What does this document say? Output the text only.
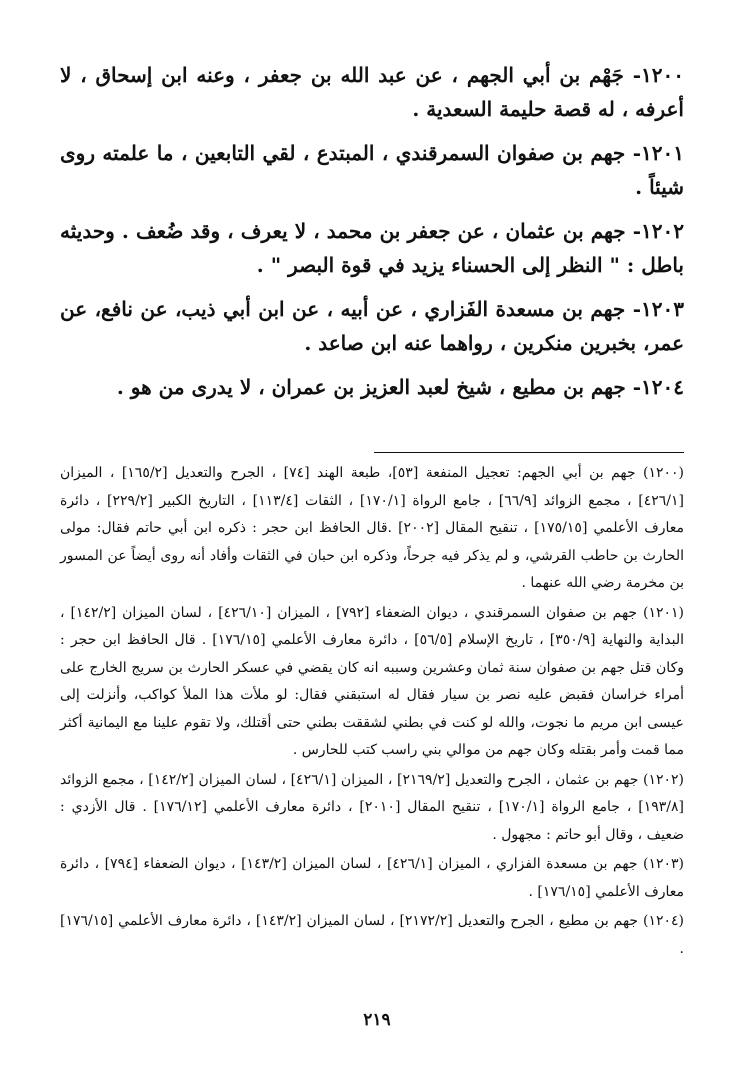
١٢٠٠- جَهْم بن أبي الجهم ، عن عبد الله بن جعفر ، وعنه ابن إسحاق ، لا أعرفه ، له قصة حليمة السعدية .

١٢٠١- جهم بن صفوان السمرقندي ، المبتدع ، لقي التابعين ، ما علمته روى شيئاً .

١٢٠٢- جهم بن عثمان ، عن جعفر بن محمد ، لا يعرف ، وقد ضُعف . وحديثه باطل : " النظر إلى الحسناء يزيد في قوة البصر " .

١٢٠٣- جهم بن مسعدة الفَزاري ، عن أبيه ، عن ابن أبي ذيب، عن نافع، عن عمر، بخبرين منكرين ، رواهما عنه ابن صاعد .

١٢٠٤- جهم بن مطيع ، شيخ لعبد العزيز بن عمران ، لا يدرى من هو .

(١٢٠٠) جهم بن أبي الجهم: تعجيل المنفعة [٥٣]، طبعة الهند [٧٤] ، الجرح والتعديل [١٦٥/٢] ، الميزان [٤٢٦/١] ، مجمع الزوائد [٦٦/٩] ، جامع الرواة [١٧٠/١] ، الثقات [١١٣/٤] ، التاريخ الكبير [٢٢٩/٢] ، دائرة معارف الأعلمي [١٧٥/١٥] ، تنقيح المقال [٢٠٠٢] .قال الحافظ ابن حجر : ذكره ابن أبي حاتم فقال: مولى الحارث بن حاطب القرشي، و لم يذكر فيه جرحاً، وذكره ابن حبان في الثقات وأفاد أنه روى أيضاً عن المسور بن مخرمة رضي الله عنهما .

(١٢٠١) جهم بن صفوان السمرقندي ، ديوان الضعفاء [٧٩٢] ، الميزان [٤٢٦/١٠] ، لسان الميزان [١٤٢/٢] ، البداية والنهاية [٣٥٠/٩] ، تاريخ الإسلام [٥٦/٥] ، دائرة معارف الأعلمي [١٧٦/١٥] . قال الحافظ ابن حجر : وكان قتل جهم بن صفوان سنة ثمان وعشرين وسببه انه كان يقضي في عسكر الحارث بن سريج الخارج على أمراء خراسان فقبض عليه نصر بن سيار فقال له استبقني فقال: لو ملأت هذا الملأ كواكب، وأنزلت إلى عيسى ابن مريم ما نجوت، والله لو كنت في بطني لشققت بطني حتى أقتلك، ولا تقوم علينا مع اليمانية أكثر مما قمت وأمر بقتله وكان جهم من موالي بني راسب كتب للحارس .

(١٢٠٢) جهم بن عثمان ، الجرح والتعديل [٢١٦٩/٢] ، الميزان [٤٢٦/١] ، لسان الميزان [١٤٢/٢] ، مجمع الزوائد [١٩٣/٨] ، جامع الرواة [١٧٠/١] ، تنقيح المقال [٢٠١٠] ، دائرة معارف الأعلمي [١٧٦/١٢] . قال الأزدي : ضعيف ، وقال أبو حاتم : مجهول .

(١٢٠٣) جهم بن مسعدة الفزاري ، الميزان [٤٢٦/١] ، لسان الميزان [١٤٣/٢] ، ديوان الضعفاء [٧٩٤] ، دائرة معارف الأعلمي [١٧٦/١٥] .

(١٢٠٤) جهم بن مطيع ، الجرح والتعديل [٢١٧٢/٢] ، لسان الميزان [١٤٣/٢] ، دائرة معارف الأعلمي [١٧٦/١٥] .

٢١٩
